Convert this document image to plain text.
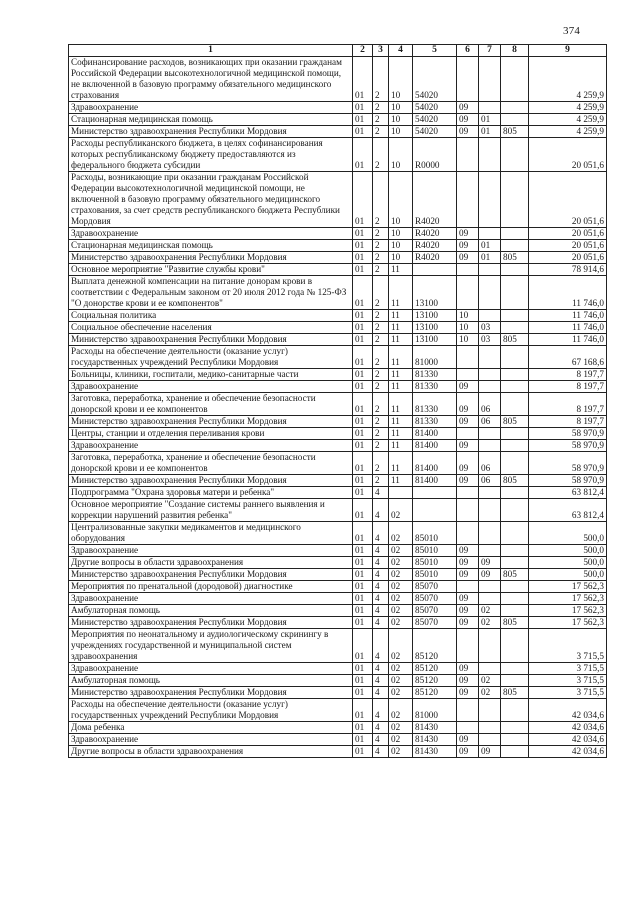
374
1	2	3	4	5	6	7	8	9
Софинансирование расходов, возникающих при оказании гражданам Российской Федерации высокотехнологичной медицинской помощи, не включенной в базовую программу обязательного медицинского страхования	01	2	10	54020				4 259,9
Здравоохранение	01	2	10	54020	09			4 259,9
Стационарная медицинская помощь	01	2	10	54020	09	01		4 259,9
Министерство здравоохранения Республики Мордовия	01	2	10	54020	09	01	805	4 259,9
Расходы республиканского бюджета, в целях софинансирования которых республиканскому бюджету предоставляются из федерального бюджета субсидии	01	2	10	R0000				20 051,6
Расходы, возникающие при оказании гражданам Российской Федерации высокотехнологичной медицинской помощи, не включенной в базовую программу обязательного медицинского страхования, за счет средств республиканского бюджета Республики Мордовия	01	2	10	R4020				20 051,6
Здравоохранение	01	2	10	R4020	09			20 051,6
Стационарная медицинская помощь	01	2	10	R4020	09	01		20 051,6
Министерство здравоохранения Республики Мордовия	01	2	10	R4020	09	01	805	20 051,6
Основное мероприятие "Развитие службы крови"	01	2	11					78 914,6
Выплата денежной компенсации на питание донорам крови в соответствии с Федеральным законом от 20 июля 2012 года № 125-ФЗ "О донорстве крови и ее компонентов"	01	2	11	13100				11 746,0
Социальная политика	01	2	11	13100	10			11 746,0
Социальное обеспечение населения	01	2	11	13100	10	03		11 746,0
Министерство здравоохранения Республики Мордовия	01	2	11	13100	10	03	805	11 746,0
Расходы на обеспечение деятельности (оказание услуг) государственных учреждений Республики Мордовия	01	2	11	81000				67 168,6
Больницы, клиники, госпитали, медико-санитарные части	01	2	11	81330				8 197,7
Здравоохранение	01	2	11	81330	09			8 197,7
Заготовка, переработка, хранение и обеспечение безопасности донорской крови и ее компонентов	01	2	11	81330	09	06		8 197,7
Министерство здравоохранения Республики Мордовия	01	2	11	81330	09	06	805	8 197,7
Центры, станции и отделения переливания крови	01	2	11	81400				58 970,9
Здравоохранение	01	2	11	81400	09			58 970,9
Заготовка, переработка, хранение и обеспечение безопасности донорской крови и ее компонентов	01	2	11	81400	09	06		58 970,9
Министерство здравоохранения Республики Мордовия	01	2	11	81400	09	06	805	58 970,9
Подпрограмма "Охрана здоровья матери и ребенка"	01	4						63 812,4
Основное мероприятие "Создание системы раннего выявления и коррекции нарушений развития ребенка"	01	4	02					63 812,4
Централизованные закупки медикаментов и медицинского оборудования	01	4	02	85010				500,0
Здравоохранение	01	4	02	85010	09			500,0
Другие вопросы в области здравоохранения	01	4	02	85010	09	09		500,0
Министерство здравоохранения Республики Мордовия	01	4	02	85010	09	09	805	500,0
Мероприятия по пренатальной (дородовой) диагностике	01	4	02	85070				17 562,3
Здравоохранение	01	4	02	85070	09			17 562,3
Амбулаторная помощь	01	4	02	85070	09	02		17 562,3
Министерство здравоохранения Республики Мордовия	01	4	02	85070	09	02	805	17 562,3
Мероприятия по неонатальному и аудиологическому скринингу в учреждениях государственной и муниципальной систем здравоохранения	01	4	02	85120				3 715,5
Здравоохранение	01	4	02	85120	09			3 715,5
Амбулаторная помощь	01	4	02	85120	09	02		3 715,5
Министерство здравоохранения Республики Мордовия	01	4	02	85120	09	02	805	3 715,5
Расходы на обеспечение деятельности (оказание услуг) государственных учреждений Республики Мордовия	01	4	02	81000				42 034,6
Дома ребенка	01	4	02	81430				42 034,6
Здравоохранение	01	4	02	81430	09			42 034,6
Другие вопросы в области здравоохранения	01	4	02	81430	09	09		42 034,6
